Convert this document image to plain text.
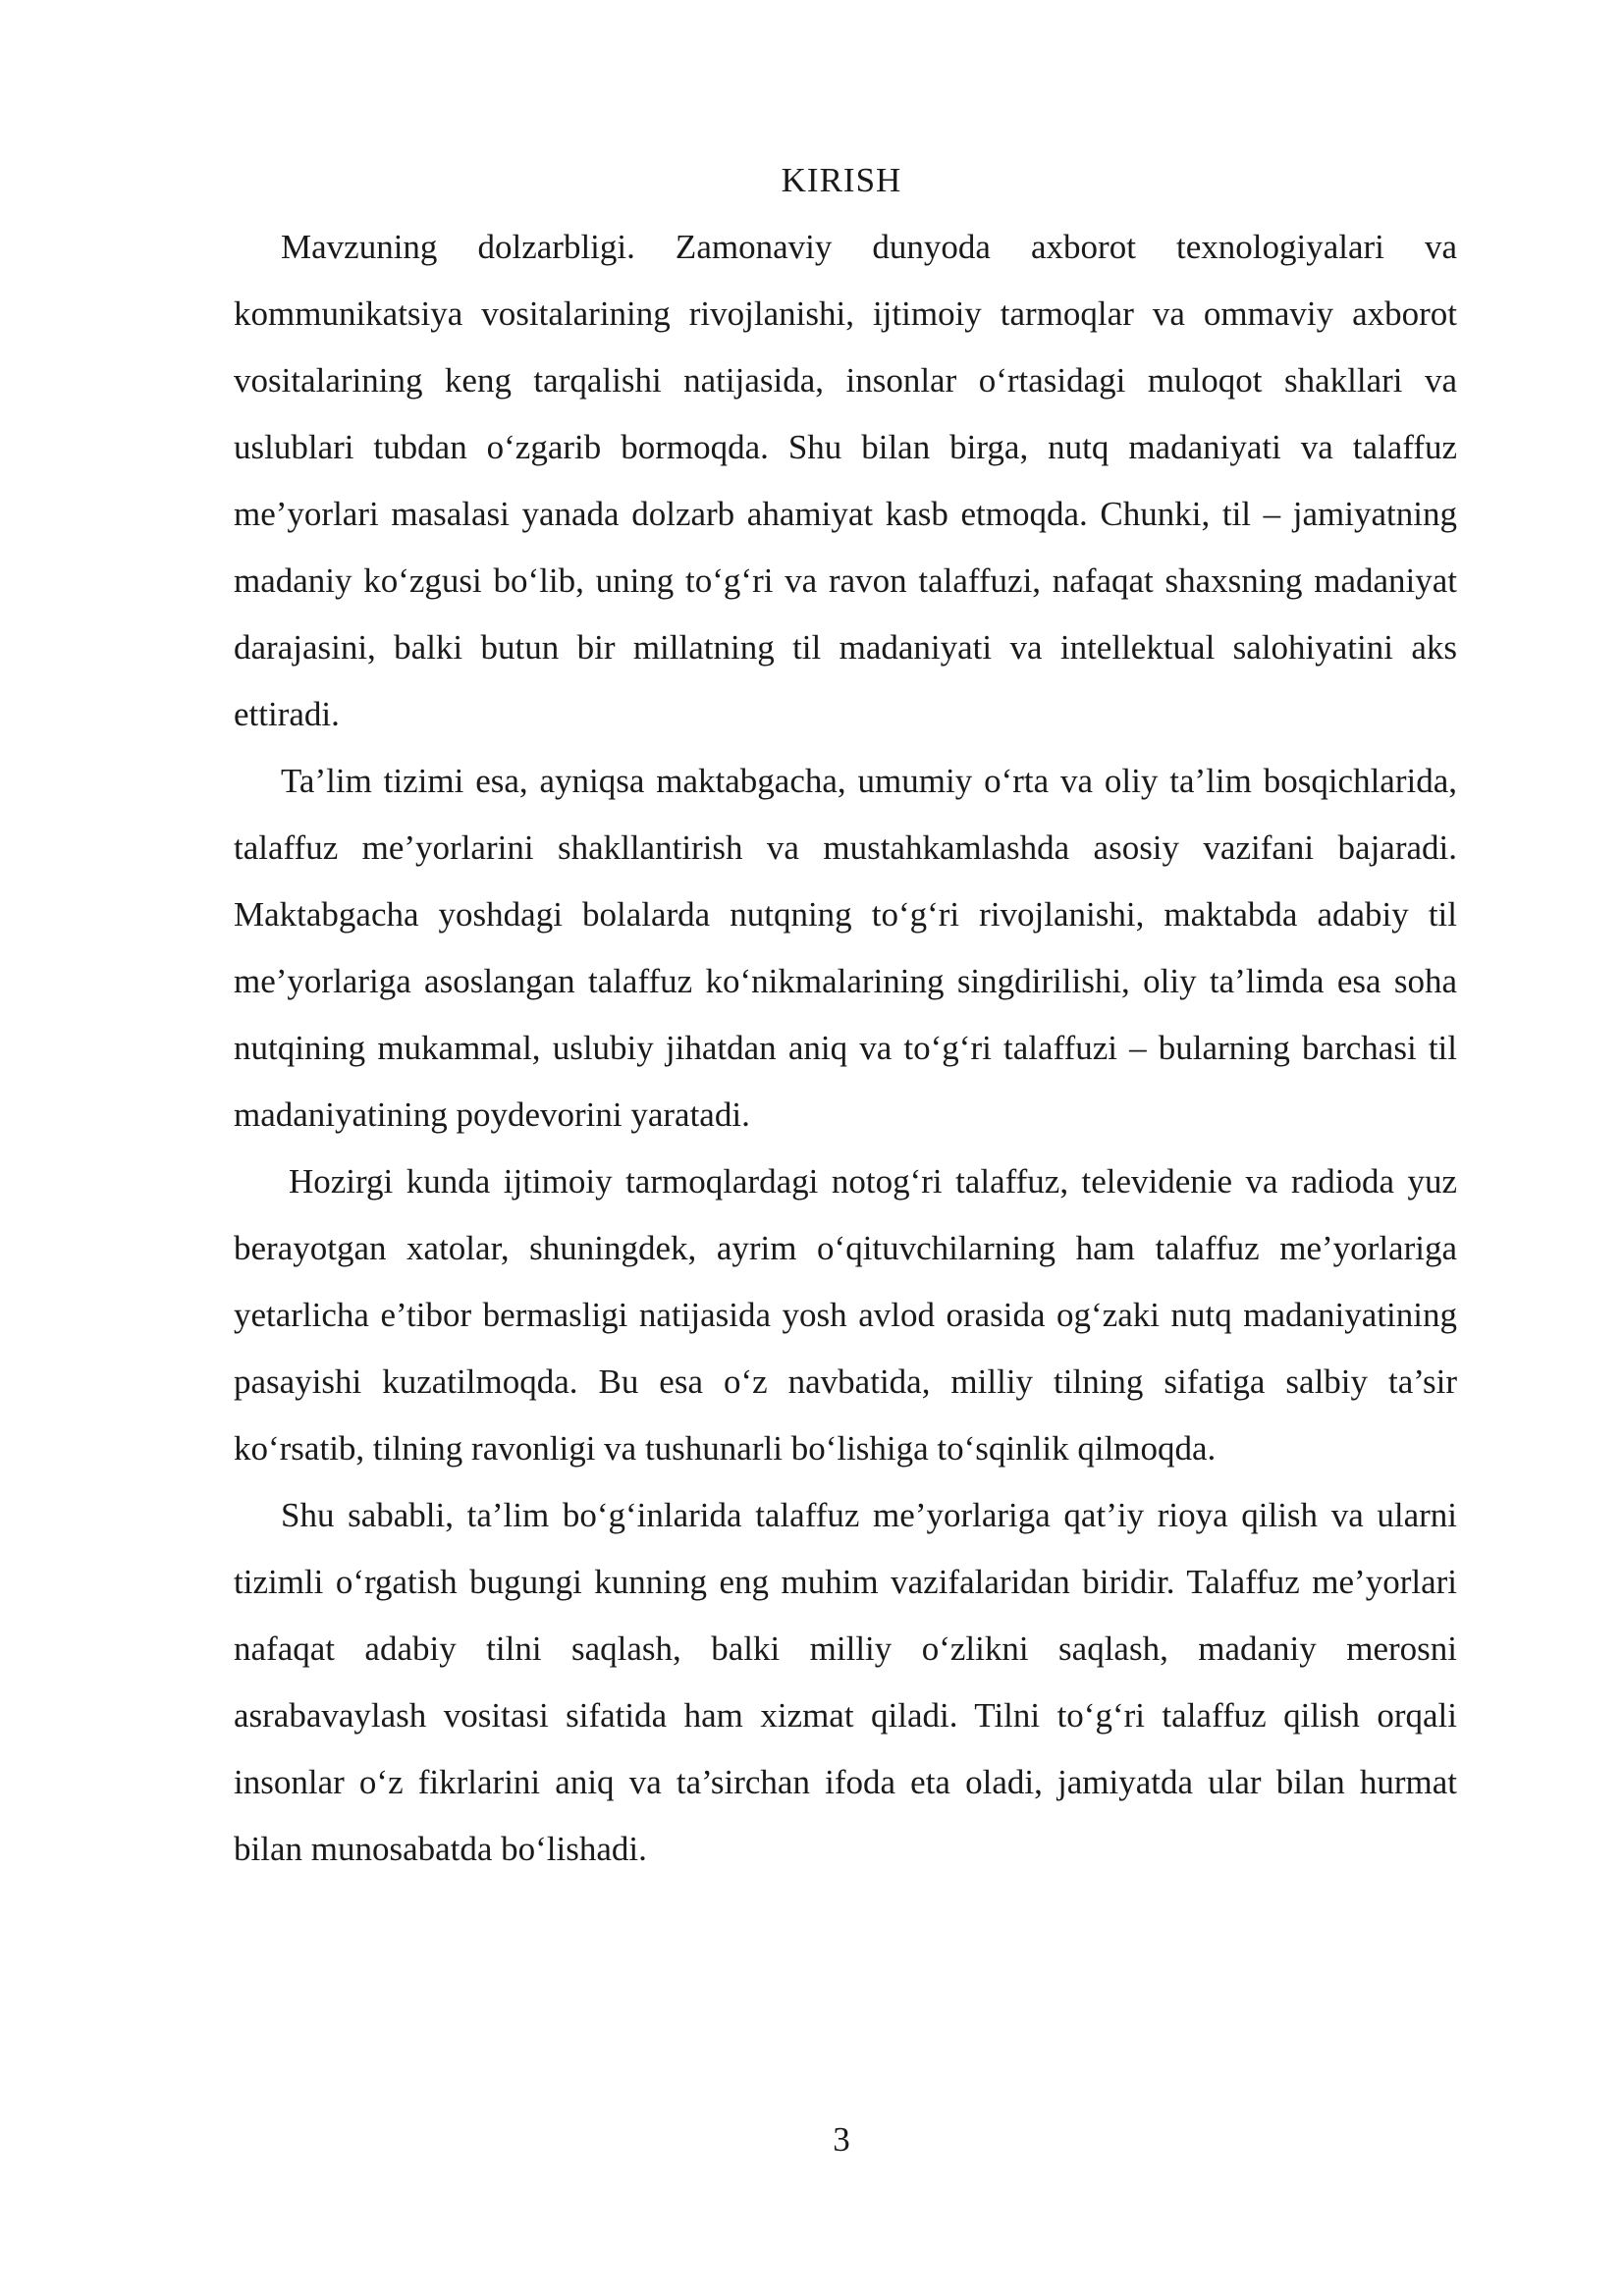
KIRISH

Mavzuning dolzarbligi. Zamonaviy dunyoda axborot texnologiyalari va kommunikatsiya vositalarining rivojlanishi, ijtimoiy tarmoqlar va ommaviy axborot vositalarining keng tarqalishi natijasida, insonlar o‘rtasidagi muloqot shakllari va uslublari tubdan o‘zgarib bormoqda. Shu bilan birga, nutq madaniyati va talaffuz me’yorlari masalasi yanada dolzarb ahamiyat kasb etmoqda. Chunki, til – jamiyatning madaniy ko‘zgusi bo‘lib, uning to‘g‘ri va ravon talaffuzi, nafaqat shaxsning madaniyat darajasini, balki butun bir millatning til madaniyati va intellektual salohiyatini aks ettiradi.

Ta’lim tizimi esa, ayniqsa maktabgacha, umumiy o‘rta va oliy ta’lim bosqichlarida, talaffuz me’yorlarini shakllantirish va mustahkamlashda asosiy vazifani bajaradi. Maktabgacha yoshdagi bolalarda nutqning to‘g‘ri rivojlanishi, maktabda adabiy til me’yorlariga asoslangan talaffuz ko‘nikmalarining singdirilishi, oliy ta’limda esa soha nutqining mukammal, uslubiy jihatdan aniq va to‘g‘ri talaffuzi – bularning barchasi til madaniyatining poydevorini yaratadi.

Hozirgi kunda ijtimoiy tarmoqlardagi notog‘ri talaffuz, televidenie va radioda yuz berayotgan xatolar, shuningdek, ayrim o‘qituvchilarning ham talaffuz me’yorlariga yetarlicha e’tibor bermasligi natijasida yosh avlod orasida og‘zaki nutq madaniyatining pasayishi kuzatilmoqda. Bu esa o‘z navbatida, milliy tilning sifatiga salbiy ta’sir ko‘rsatib, tilning ravonligi va tushunarli bo‘lishiga to‘sqinlik qilmoqda.

Shu sababli, ta’lim bo‘g‘inlarida talaffuz me’yorlariga qat’iy rioya qilish va ularni tizimli o‘rgatish bugungi kunning eng muhim vazifalaridan biridir. Talaffuz me’yorlari nafaqat adabiy tilni saqlash, balki milliy o‘zlikni saqlash, madaniy merosni asrabavaylash vositasi sifatida ham xizmat qiladi. Tilni to‘g‘ri talaffuz qilish orqali insonlar o‘z fikrlarini aniq va ta’sirchan ifoda eta oladi, jamiyatda ular bilan hurmat bilan munosabatda bo‘lishadi.

3
